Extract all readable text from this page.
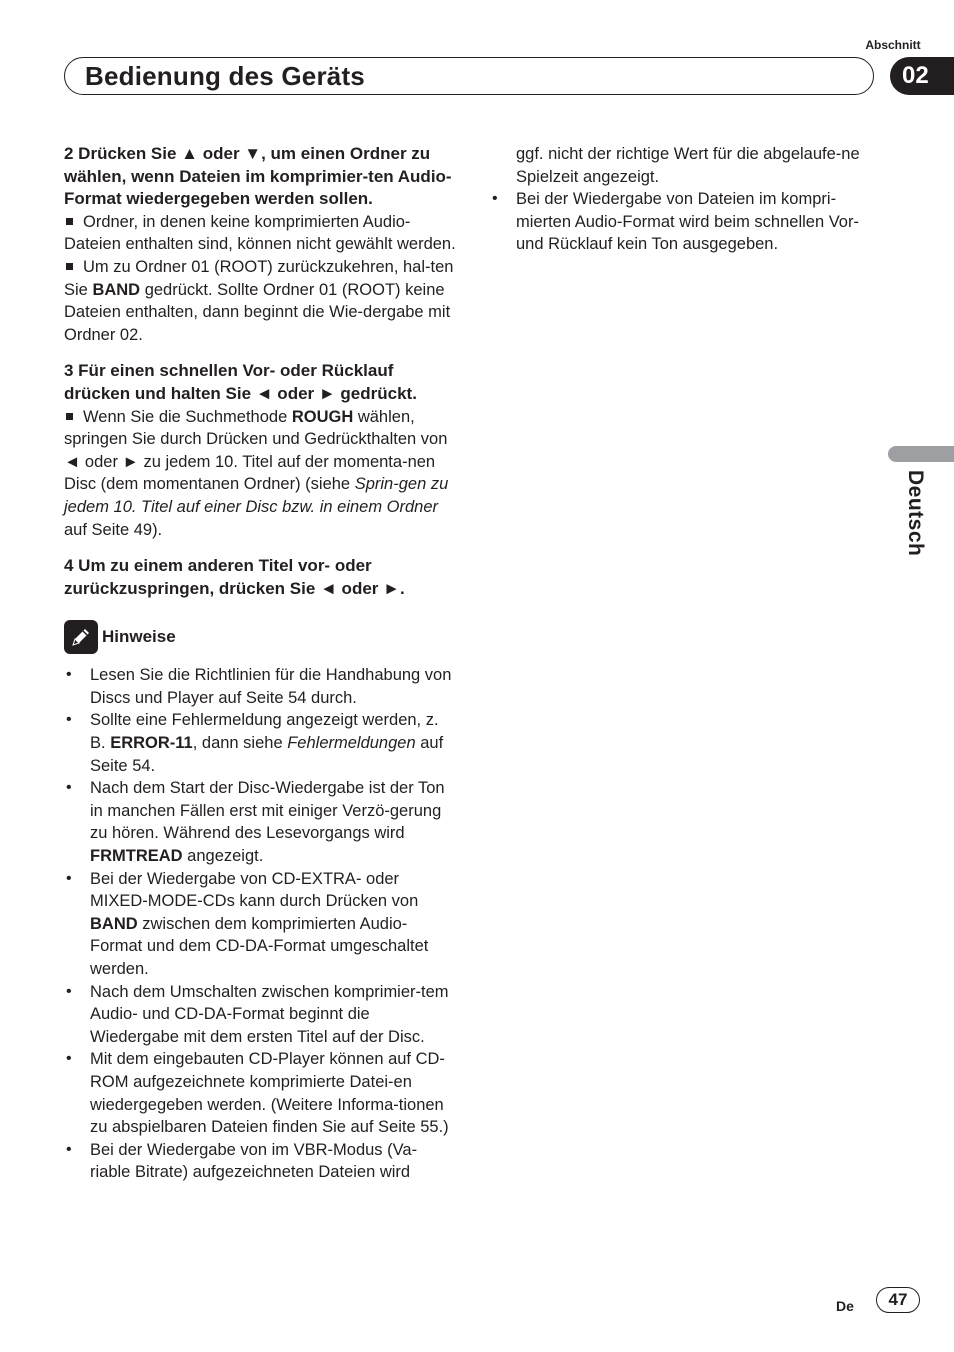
Abschnitt
Bedienung des Geräts	02
Deutsch

2 Drücken Sie ▲ oder ▼, um einen Ordner zu wählen, wenn Dateien im komprimier-ten Audio-Format wiedergegeben werden sollen.

Ordner, in denen keine komprimierten Audio-Dateien enthalten sind, können nicht gewählt werden.

Um zu Ordner 01 (ROOT) zurückzukehren, hal-ten Sie BAND gedrückt. Sollte Ordner 01 (ROOT) keine Dateien enthalten, dann beginnt die Wie-dergabe mit Ordner 02.

3 Für einen schnellen Vor- oder Rücklauf drücken und halten Sie ◄ oder ► gedrückt.

Wenn Sie die Suchmethode ROUGH wählen, springen Sie durch Drücken und Gedrückthalten von ◄ oder ► zu jedem 10. Titel auf der momenta-nen Disc (dem momentanen Ordner) (siehe Sprin-gen zu jedem 10. Titel auf einer Disc bzw. in einem Ordner auf Seite 49).

4 Um zu einem anderen Titel vor- oder zurückzuspringen, drücken Sie ◄ oder ►.

Hinweise
• Lesen Sie die Richtlinien für die Handhabung von Discs und Player auf Seite 54 durch.
• Sollte eine Fehlermeldung angezeigt werden, z. B. ERROR-11, dann siehe Fehlermeldungen auf Seite 54.
• Nach dem Start der Disc-Wiedergabe ist der Ton in manchen Fällen erst mit einiger Verzö-gerung zu hören. Während des Lesevorgangs wird FRMTREAD angezeigt.
• Bei der Wiedergabe von CD-EXTRA- oder MIXED-MODE-CDs kann durch Drücken von BAND zwischen dem komprimierten Audio-Format und dem CD-DA-Format umgeschaltet werden.
• Nach dem Umschalten zwischen komprimier-tem Audio- und CD-DA-Format beginnt die Wiedergabe mit dem ersten Titel auf der Disc.
• Mit dem eingebauten CD-Player können auf CD-ROM aufgezeichnete komprimierte Datei-en wiedergegeben werden. (Weitere Informa-tionen zu abspielbaren Dateien finden Sie auf Seite 55.)
• Bei der Wiedergabe von im VBR-Modus (Va-riable Bitrate) aufgezeichneten Dateien wird
ggf. nicht der richtige Wert für die abgelaufe-ne Spielzeit angezeigt.
• Bei der Wiedergabe von Dateien im kompri-mierten Audio-Format wird beim schnellen Vor- und Rücklauf kein Ton ausgegeben.
De	47
